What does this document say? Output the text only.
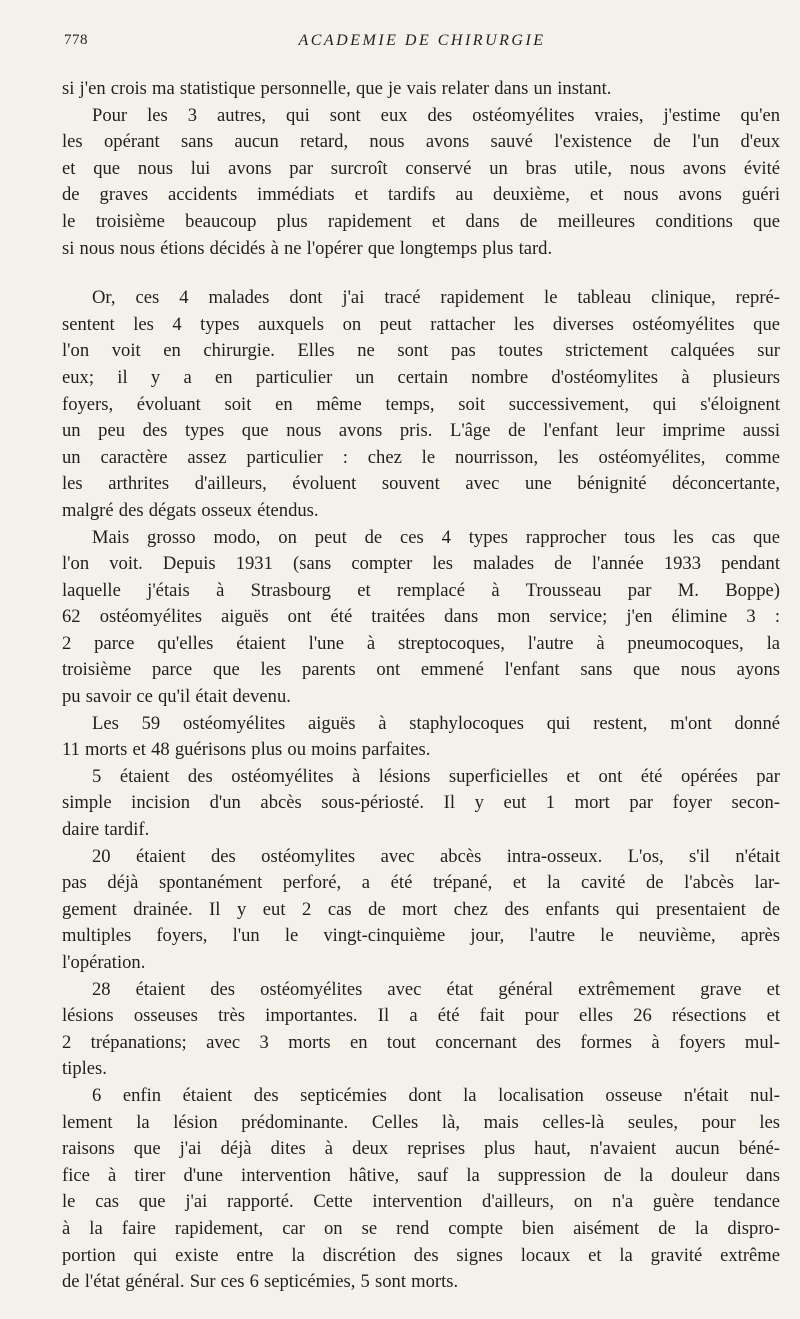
778	ACADEMIE DE CHIRURGIE
si j'en crois ma statistique personnelle, que je vais relater dans un instant.
Pour les 3 autres, qui sont eux des ostéomyélites vraies, j'estime qu'en
les opérant sans aucun retard, nous avons sauvé l'existence de l'un d'eux
et que nous lui avons par surcroît conservé un bras utile, nous avons évité
de graves accidents immédiats et tardifs au deuxième, et nous avons guéri
le troisième beaucoup plus rapidement et dans de meilleures conditions que
si nous nous étions décidés à ne l'opérer que longtemps plus tard.
Or, ces 4 malades dont j'ai tracé rapidement le tableau clinique, repré-
sentent les 4 types auxquels on peut rattacher les diverses ostéomyélites que
l'on voit en chirurgie. Elles ne sont pas toutes strictement calquées sur
eux; il y a en particulier un certain nombre d'ostéomylites à plusieurs
foyers, évoluant soit en même temps, soit successivement, qui s'éloignent
un peu des types que nous avons pris. L'âge de l'enfant leur imprime aussi
un caractère assez particulier : chez le nourrisson, les ostéomyélites, comme
les arthrites d'ailleurs, évoluent souvent avec une bénignité déconcertante,
malgré des dégats osseux étendus.
Mais grosso modo, on peut de ces 4 types rapprocher tous les cas que
l'on voit. Depuis 1931 (sans compter les malades de l'année 1933 pendant
laquelle j'étais à Strasbourg et remplacé à Trousseau par M. Boppe)
62 ostéomyélites aiguës ont été traitées dans mon service; j'en élimine 3 :
2 parce qu'elles étaient l'une à streptocoques, l'autre à pneumocoques, la
troisième parce que les parents ont emmené l'enfant sans que nous ayons
pu savoir ce qu'il était devenu.
Les 59 ostéomyélites aiguës à staphylocoques qui restent, m'ont donné
11 morts et 48 guérisons plus ou moins parfaites.
5 étaient des ostéomyélites à lésions superficielles et ont été opérées par
simple incision d'un abcès sous-périosté. Il y eut 1 mort par foyer secon-
daire tardif.
20 étaient des ostéomylites avec abcès intra-osseux. L'os, s'il n'était
pas déjà spontanément perforé, a été trépané, et la cavité de l'abcès lar-
gement drainée. Il y eut 2 cas de mort chez des enfants qui presentaient de
multiples foyers, l'un le vingt-cinquième jour, l'autre le neuvième, après
l'opération.
28 étaient des ostéomyélites avec état général extrêmement grave et
lésions osseuses très importantes. Il a été fait pour elles 26 résections et
2 trépanations; avec 3 morts en tout concernant des formes à foyers mul-
tiples.
6 enfin étaient des septicémies dont la localisation osseuse n'était nul-
lement la lésion prédominante. Celles là, mais celles-là seules, pour les
raisons que j'ai déjà dites à deux reprises plus haut, n'avaient aucun béné-
fice à tirer d'une intervention hâtive, sauf la suppression de la douleur dans
le cas que j'ai rapporté. Cette intervention d'ailleurs, on n'a guère tendance
à la faire rapidement, car on se rend compte bien aisément de la dispro-
portion qui existe entre la discrétion des signes locaux et la gravité extrême
de l'état général. Sur ces 6 septicémies, 5 sont morts.
